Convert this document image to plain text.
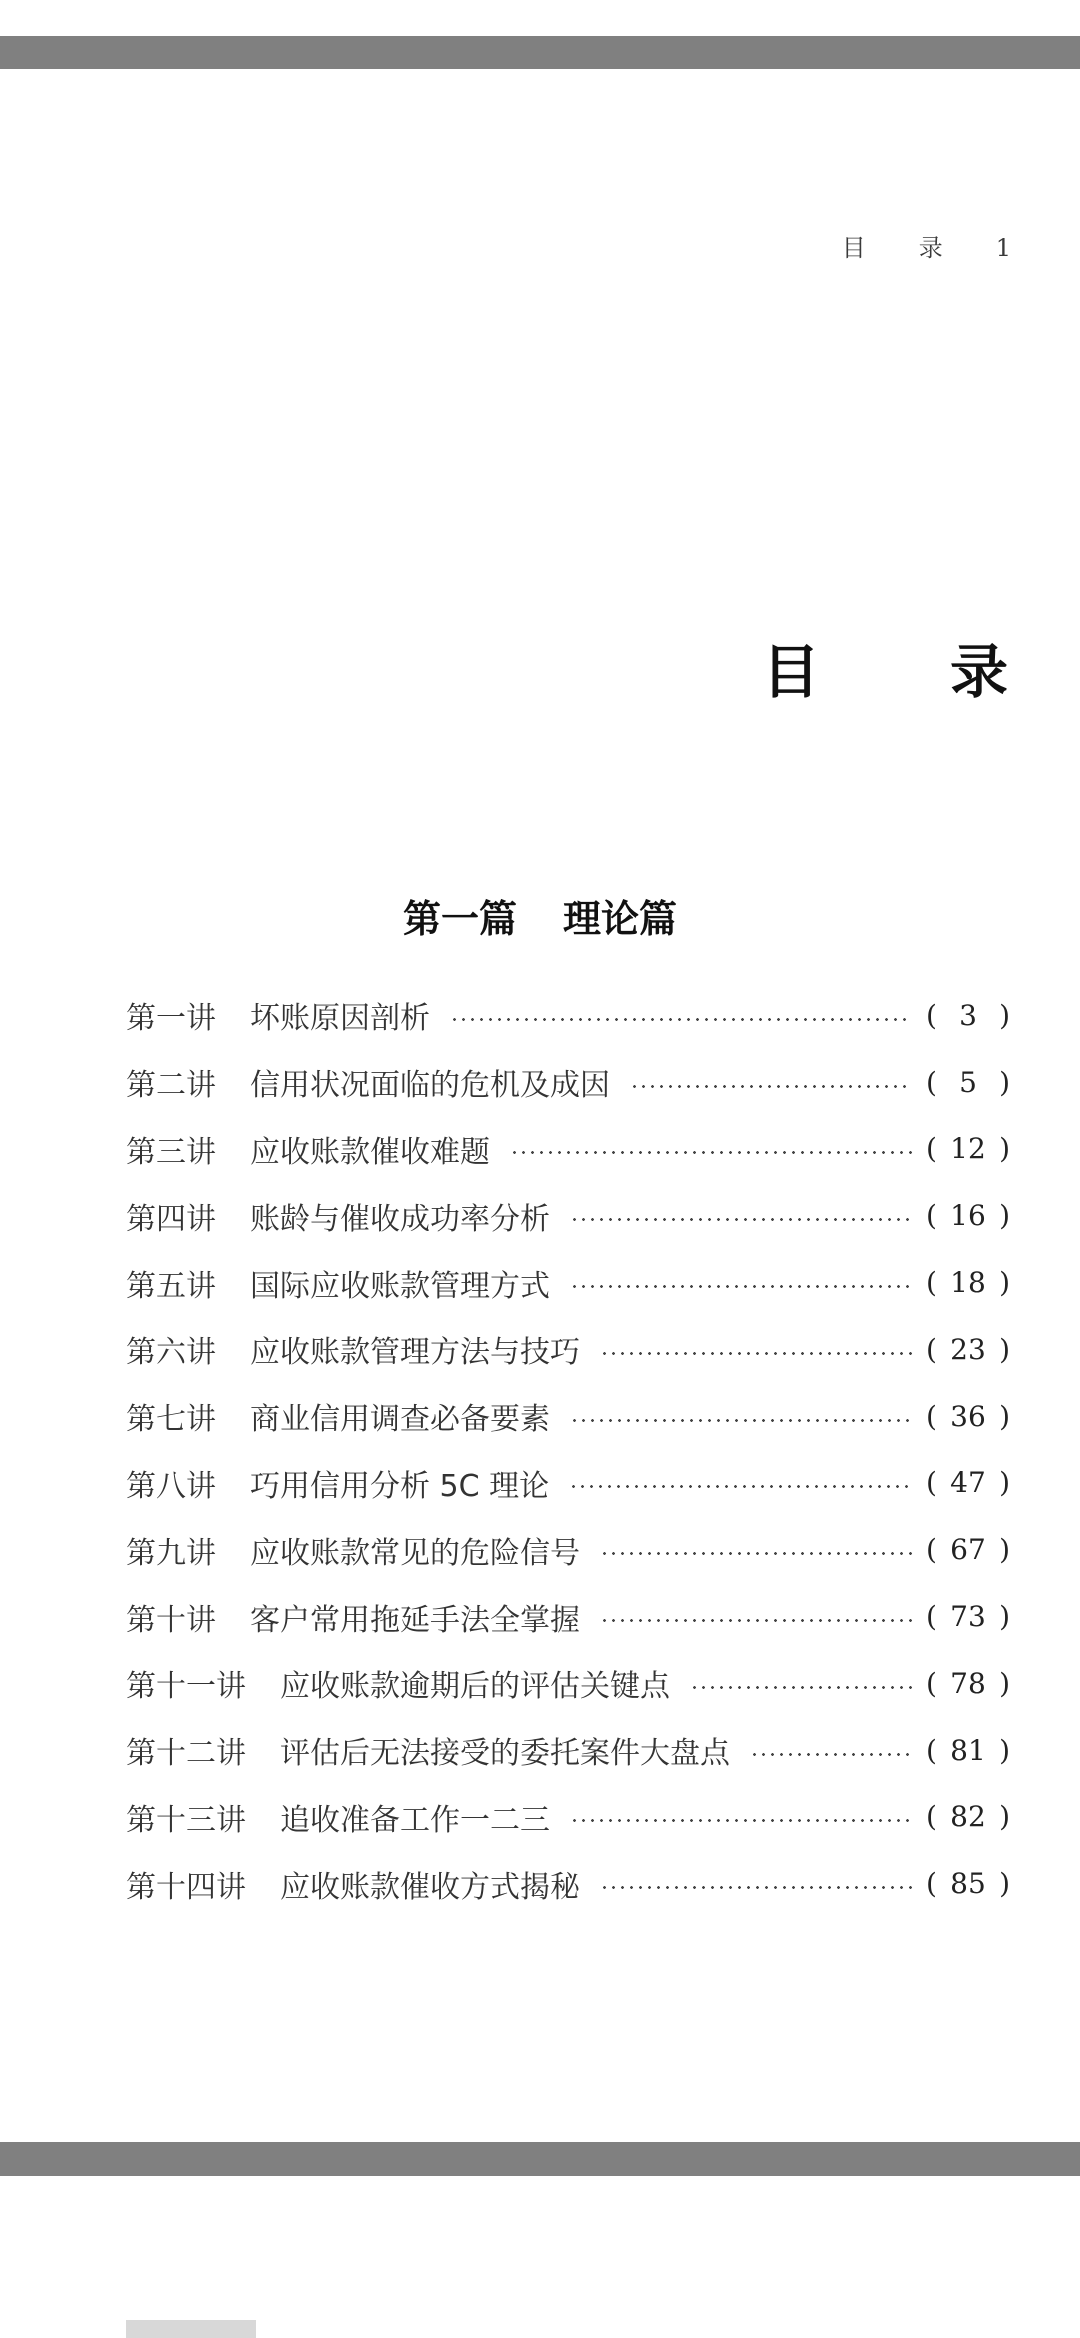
目 录 1
目 录
第一篇 理论篇
第一讲 坏账原因剖析	( 3 )
第二讲 信用状况面临的危机及成因	( 5 )
第三讲 应收账款催收难题	( 12 )
第四讲 账龄与催收成功率分析	( 16 )
第五讲 国际应收账款管理方式	( 18 )
第六讲 应收账款管理方法与技巧	( 23 )
第七讲 商业信用调查必备要素	( 36 )
第八讲 巧用信用分析 5C 理论	( 47 )
第九讲 应收账款常见的危险信号	( 67 )
第十讲 客户常用拖延手法全掌握	( 73 )
第十一讲 应收账款逾期后的评估关键点	( 78 )
第十二讲 评估后无法接受的委托案件大盘点	( 81 )
第十三讲 追收准备工作一二三	( 82 )
第十四讲 应收账款催收方式揭秘	( 85 )
